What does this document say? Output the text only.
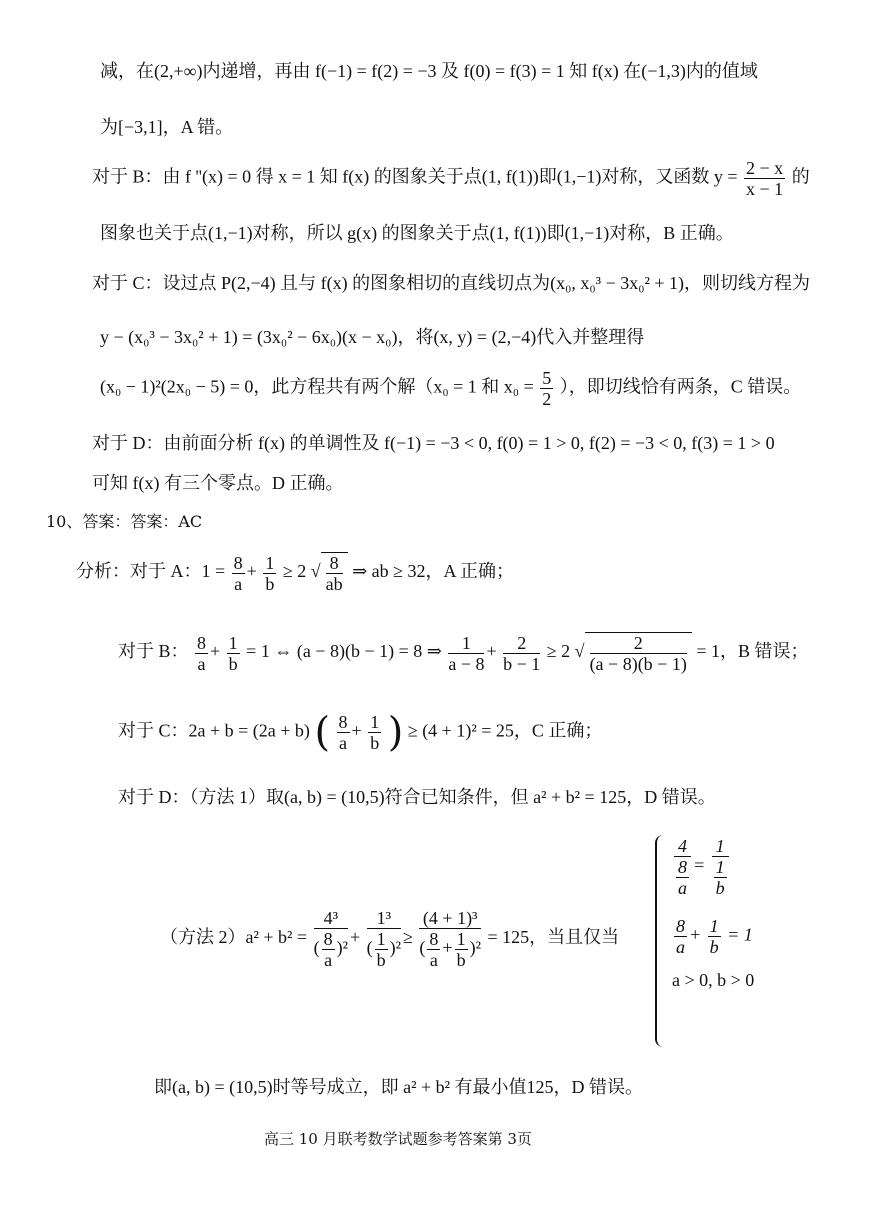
减，在(2,+∞)内递增，再由 f(−1) = f(2) = −3 及 f(0) = f(3) = 1 知 f(x) 在(−1,3)内的值域
为[−3,1]，A 错。
对于 B：由 f ''(x) = 0 得 x = 1 知 f(x) 的图象关于点(1, f(1))即(1,−1)对称，又函数 $y = \frac{2 - x}{x - 1}$ 的
图象也关于点(1,−1)对称，所以 g(x) 的图象关于点(1, f(1))即(1,−1)对称，B 正确。
对于 C：设过点 P(2,−4) 且与 f(x) 的图象相切的直线切点为(x₀, x₀³ − 3x₀² + 1)，则切线方程为
y − (x₀³ − 3x₀² + 1) = (3x₀² − 6x₀)(x − x₀)，将(x, y) = (2,−4)代入并整理得
(x₀ − 1)²(2x₀ − 5) = 0，此方程共有两个解（x₀ = 1 和 $x_0 = \frac{5}{2}$ ），即切线恰有两条，C 错误。
对于 D：由前面分析 f(x) 的单调性及 f(−1) = −3 < 0, f(0) = 1 > 0, f(2) = −3 < 0, f(3) = 1 > 0
可知 f(x) 有三个零点。D 正确。
10、答案：答案：AC
分析：对于 A：$1 = \frac{8}{a} + \frac{1}{b} \ge 2$ √ $\frac{8}{ab}$ ⇒ ab ≥ 32，A 正确；
对于 B： $\frac{8}{a} + \frac{1}{b} = 1$ ⇔ (a − 8)(b − 1) = 8 ⇒ $\frac{1}{a - 8} + \frac{2}{b - 1} \ge 2$ √ $\frac{2}{(a - 8)(b - 1)} = 1$，B 错误；
对于 C：2a + b = (2a + b) ( $\frac{8}{a} + \frac{1}{b}$ ) ≥ (4 + 1)² = 25，C 正确；
对于 D：（方法 1）取(a, b) = (10,5)符合已知条件，但 a² + b² = 125，D 错误。
（方法 $2)a^2 + b^2 = \frac{\text{4³}}{( \frac{8}{a} )^2} + \frac{\text{1³}}{( \frac{1}{b} )^2} \ge \frac{\text{(4 + 1)³}}{( \frac{8}{a} + \frac{1}{b} )^2} = 125$，当且仅当
$\frac{4}{\frac{8}{a}} = \frac{1}{\frac{1}{b}}$
$\frac{8}{a} + \frac{1}{b} = 1$
a > 0, b > 0
即(a, b) = (10,5)时等号成立，即 a² + b² 有最小值125，D 错误。
高三 10 月联考数学试题参考答案第 3页
